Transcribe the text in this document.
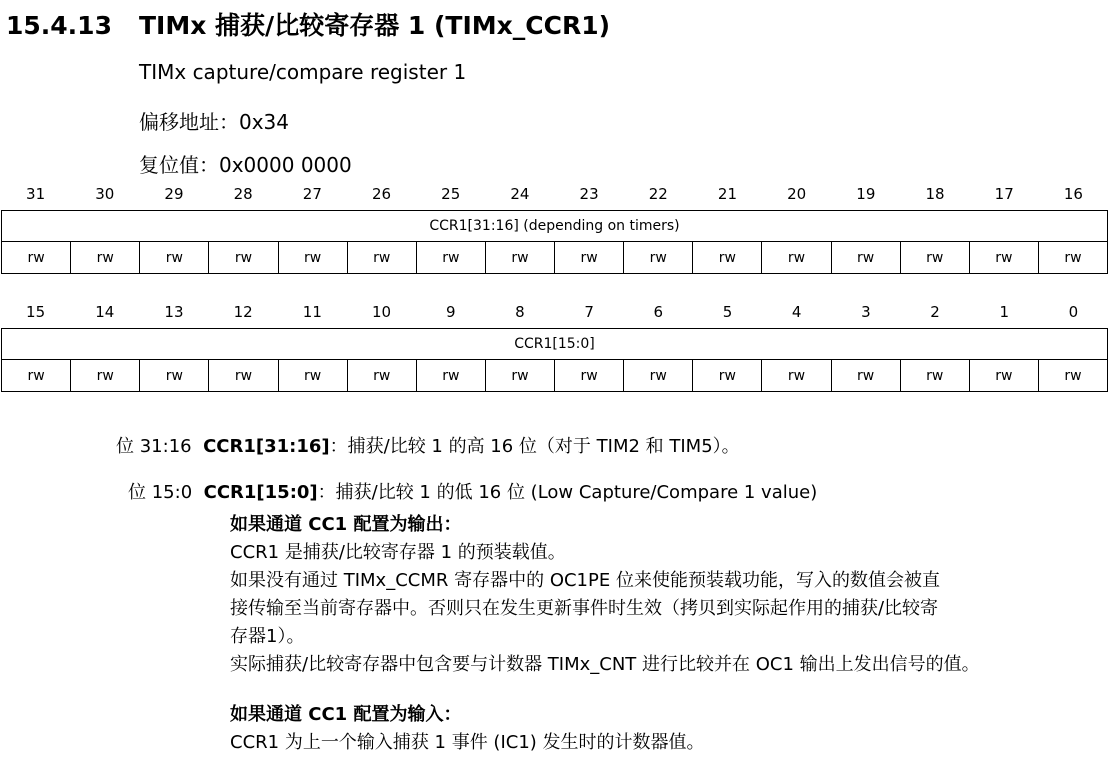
15.4.13 TIMx 捕获/比较寄存器 1 (TIMx_CCR1)
TIMx capture/compare register 1
偏移地址：0x34
复位值：0x0000 0000
31	30	29	28	27	26	25	24	23	22	21	20	19	18	17	16
CCR1[31:16] (depending on timers)
rw	rw	rw	rw	rw	rw	rw	rw	rw	rw	rw	rw	rw	rw	rw	rw
15	14	13	12	11	10	9	8	7	6	5	4	3	2	1	0
CCR1[15:0]
rw	rw	rw	rw	rw	rw	rw	rw	rw	rw	rw	rw	rw	rw	rw	rw
位 31:16 CCR1[31:16]：捕获/比较 1 的高 16 位（对于 TIM2 和 TIM5）。
位 15:0 CCR1[15:0]：捕获/比较 1 的低 16 位 (Low Capture/Compare 1 value)
如果通道 CC1 配置为输出：
CCR1 是捕获/比较寄存器 1 的预装载值。
如果没有通过 TIMx_CCMR 寄存器中的 OC1PE 位来使能预装载功能，写入的数值会被直
接传输至当前寄存器中。否则只在发生更新事件时生效（拷贝到实际起作用的捕获/比较寄
存器1）。
实际捕获/比较寄存器中包含要与计数器 TIMx_CNT 进行比较并在 OC1 输出上发出信号的值。
如果通道 CC1 配置为输入：
CCR1 为上一个输入捕获 1 事件 (IC1) 发生时的计数器值。
